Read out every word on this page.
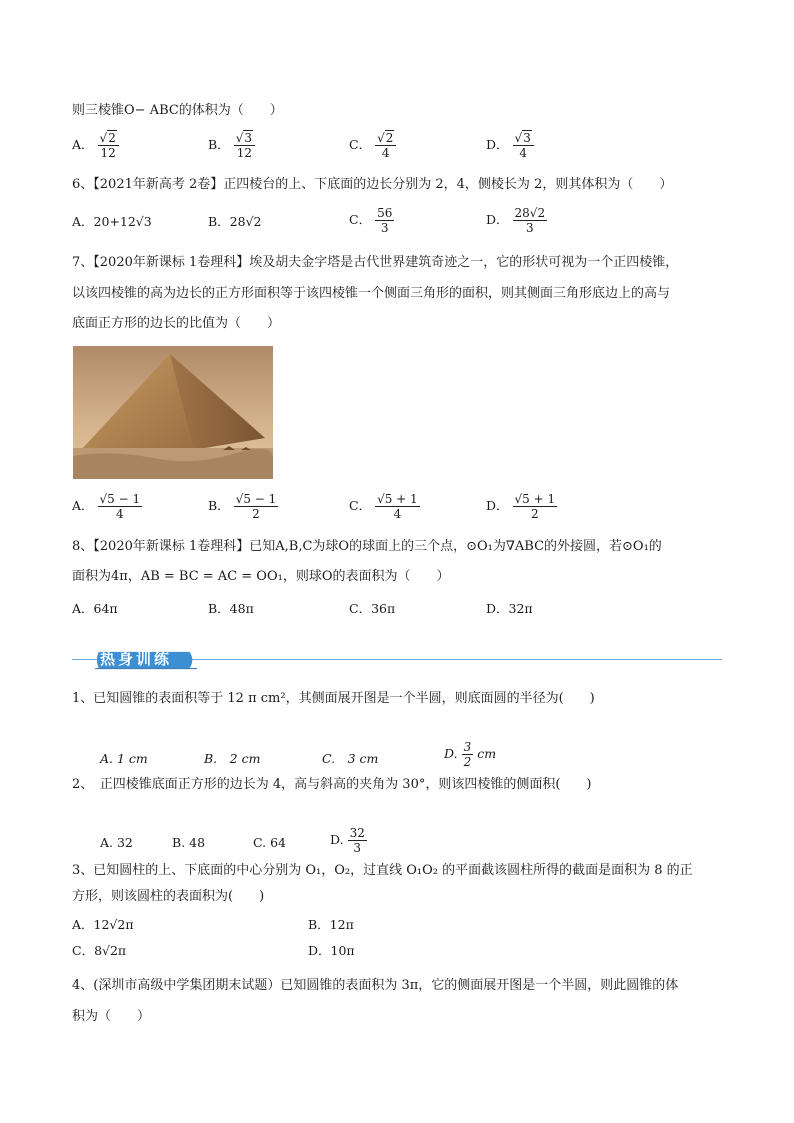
则三棱锥O− ABC的体积为（　　）
A． $\frac{√2}{12}$	B． $\frac{√3}{12}$	C． $\frac{√2}{4}$	D． $\frac{√3}{4}$
6、【2021年新高考 2卷】正四棱台的上、下底面的边长分别为 2，4，侧棱长为 2，则其体积为（　　）
A．20+12√3	B．28√2	C． $\frac{56}{3}$	D． $\frac{28√2}{3}$
7、【2020年新课标 1卷理科】埃及胡夫金字塔是古代世界建筑奇迹之一，它的形状可视为一个正四棱锥，
以该四棱锥的高为边长的正方形面积等于该四棱锥一个侧面三角形的面积，则其侧面三角形底边上的高与
底面正方形的边长的比值为（　　）
A． $\frac{√5 - 1}{4}$	B． $\frac{√5 - 1}{2}$	C． $\frac{√5 + 1}{4}$	D． $\frac{√5 + 1}{2}$
8、【2020年新课标 1卷理科】已知A,B,C为球O的球面上的三个点，⊙O₁为∇ABC的外接圆，若⊙O₁的
面积为4π，AB = BC = AC = OO₁，则球O的表面积为（　　）
A．64π	B．48π	C．36π	D．32π
热身训练
1、已知圆锥的表面积等于 12 π cm²，其侧面展开图是一个半圆，则底面圆的半径为(　　)
A. 1 cm	B.　2 cm	C.　3 cm	D. $\frac{3}{2}$ cm
2、　正四棱锥底面正方形的边长为 4，高与斜高的夹角为 30°，则该四棱锥的侧面积(　　)
A. 32	B. 48	C. 64	D. $\frac{32}{3}$
3、已知圆柱的上、下底面的中心分别为 O₁，O₂，过直线 O₁O₂ 的平面截该圆柱所得的截面是面积为 8 的正
方形，则该圆柱的表面积为(　　)
A．12√2π	B．12π
C．8√2π	D．10π
4、(深圳市高级中学集团期末试题）已知圆锥的表面积为 3π，它的侧面展开图是一个半圆，则此圆锥的体
积为（　　）
